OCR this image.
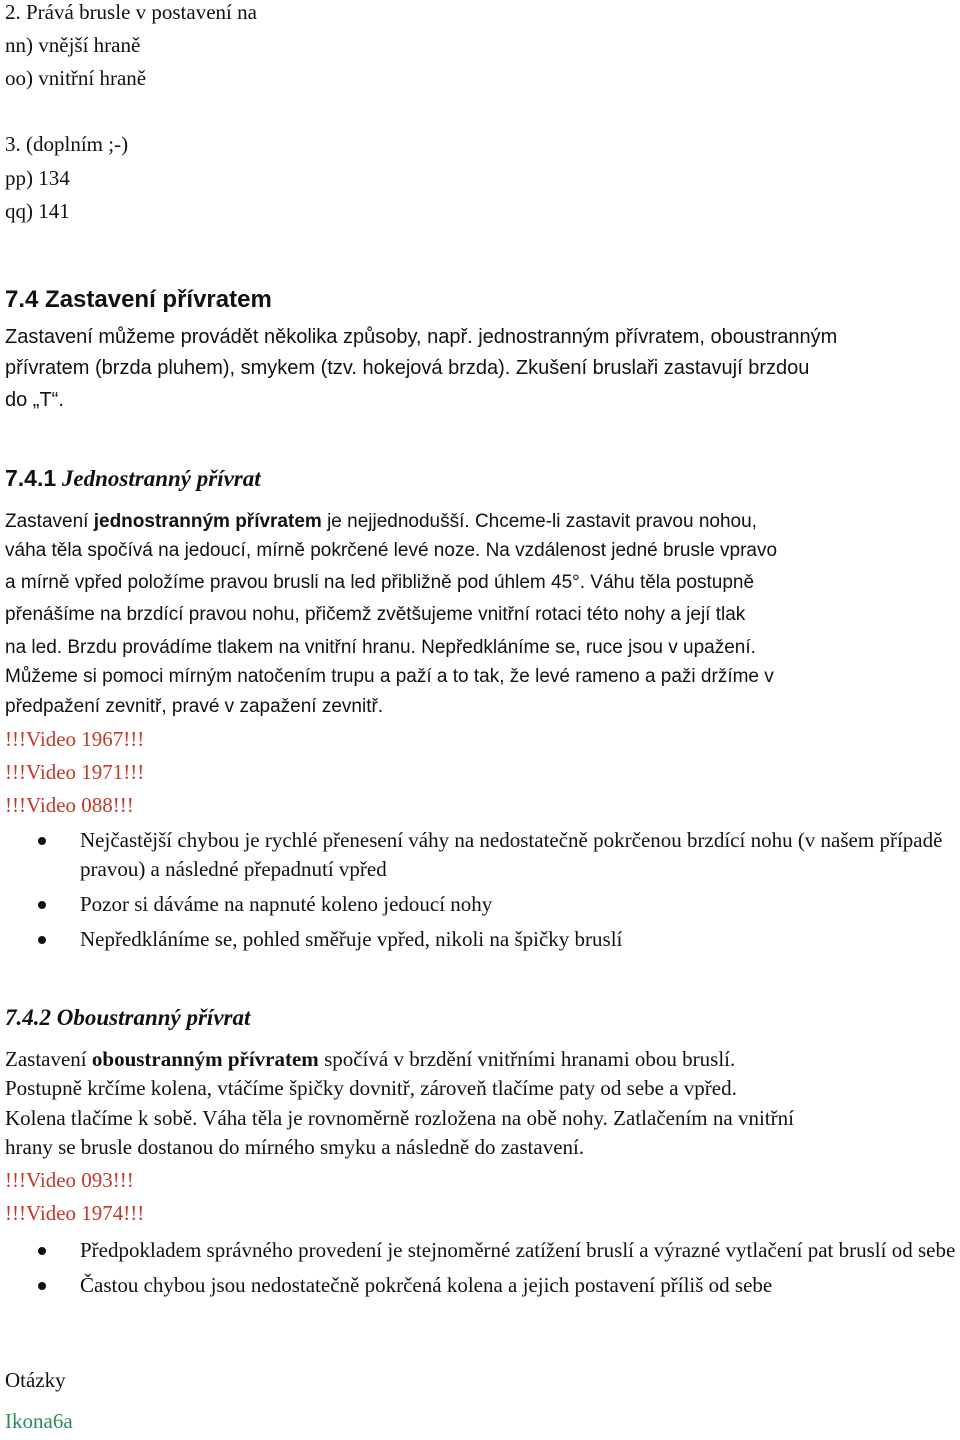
2. Prává brusle v postavení na

nn) vnější hraně

oo) vnitřní hraně

3. (doplním ;-)

pp) 134

qq) 141

7.4 Zastavení přívratem

Zastavení můžeme provádět několika způsoby, např. jednostranným přívratem, oboustranným

přívratem (brzda pluhem), smykem (tzv. hokejová brzda). Zkušení bruslaři zastavují brzdou

do „T“.

7.4.1 Jednostranný přívrat

Zastavení jednostranným přívratem je nejjednodušší. Chceme-li zastavit pravou nohou,

váha těla spočívá na jedoucí, mírně pokrčené levé noze. Na vzdálenost jedné brusle vpravo

a mírně vpřed položíme pravou brusli na led přibližně pod úhlem 45°. Váhu těla postupně

přenášíme na brzdící pravou nohu, přičemž zvětšujeme vnitřní rotaci této nohy a její tlak

na led. Brzdu provádíme tlakem na vnitřní hranu. Nepředkláníme se, ruce jsou v upažení.

Můžeme si pomoci mírným natočením trupu a paží a to tak, že levé rameno a paži držíme v

předpažení zevnitř, pravé v zapažení zevnitř.

!!!Video 1967!!!

!!!Video 1971!!!

!!!Video 088!!!

Nejčastější chybou je rychlé přenesení váhy na nedostatečně pokrčenou brzdící nohu (v našem případě pravou) a následné přepadnutí vpřed
Pozor si dáváme na napnuté koleno jedoucí nohy
Nepředkláníme se, pohled směřuje vpřed, nikoli na špičky bruslí
7.4.2 Oboustranný přívrat

Zastavení oboustranným přívratem spočívá v brzdění vnitřními hranami obou bruslí.

Postupně krčíme kolena, vtáčíme špičky dovnitř, zároveň tlačíme paty od sebe a vpřed.

Kolena tlačíme k sobě. Váha těla je rovnoměrně rozložena na obě nohy. Zatlačením na vnitřní

hrany se brusle dostanou do mírného smyku a následně do zastavení.

!!!Video 093!!!

!!!Video 1974!!!

Předpokladem správného provedení je stejnoměrné zatížení bruslí a výrazné vytlačení pat bruslí od sebe
Častou chybou jsou nedostatečně pokrčená kolena a jejich postavení příliš od sebe

Otázky

Ikona6a
